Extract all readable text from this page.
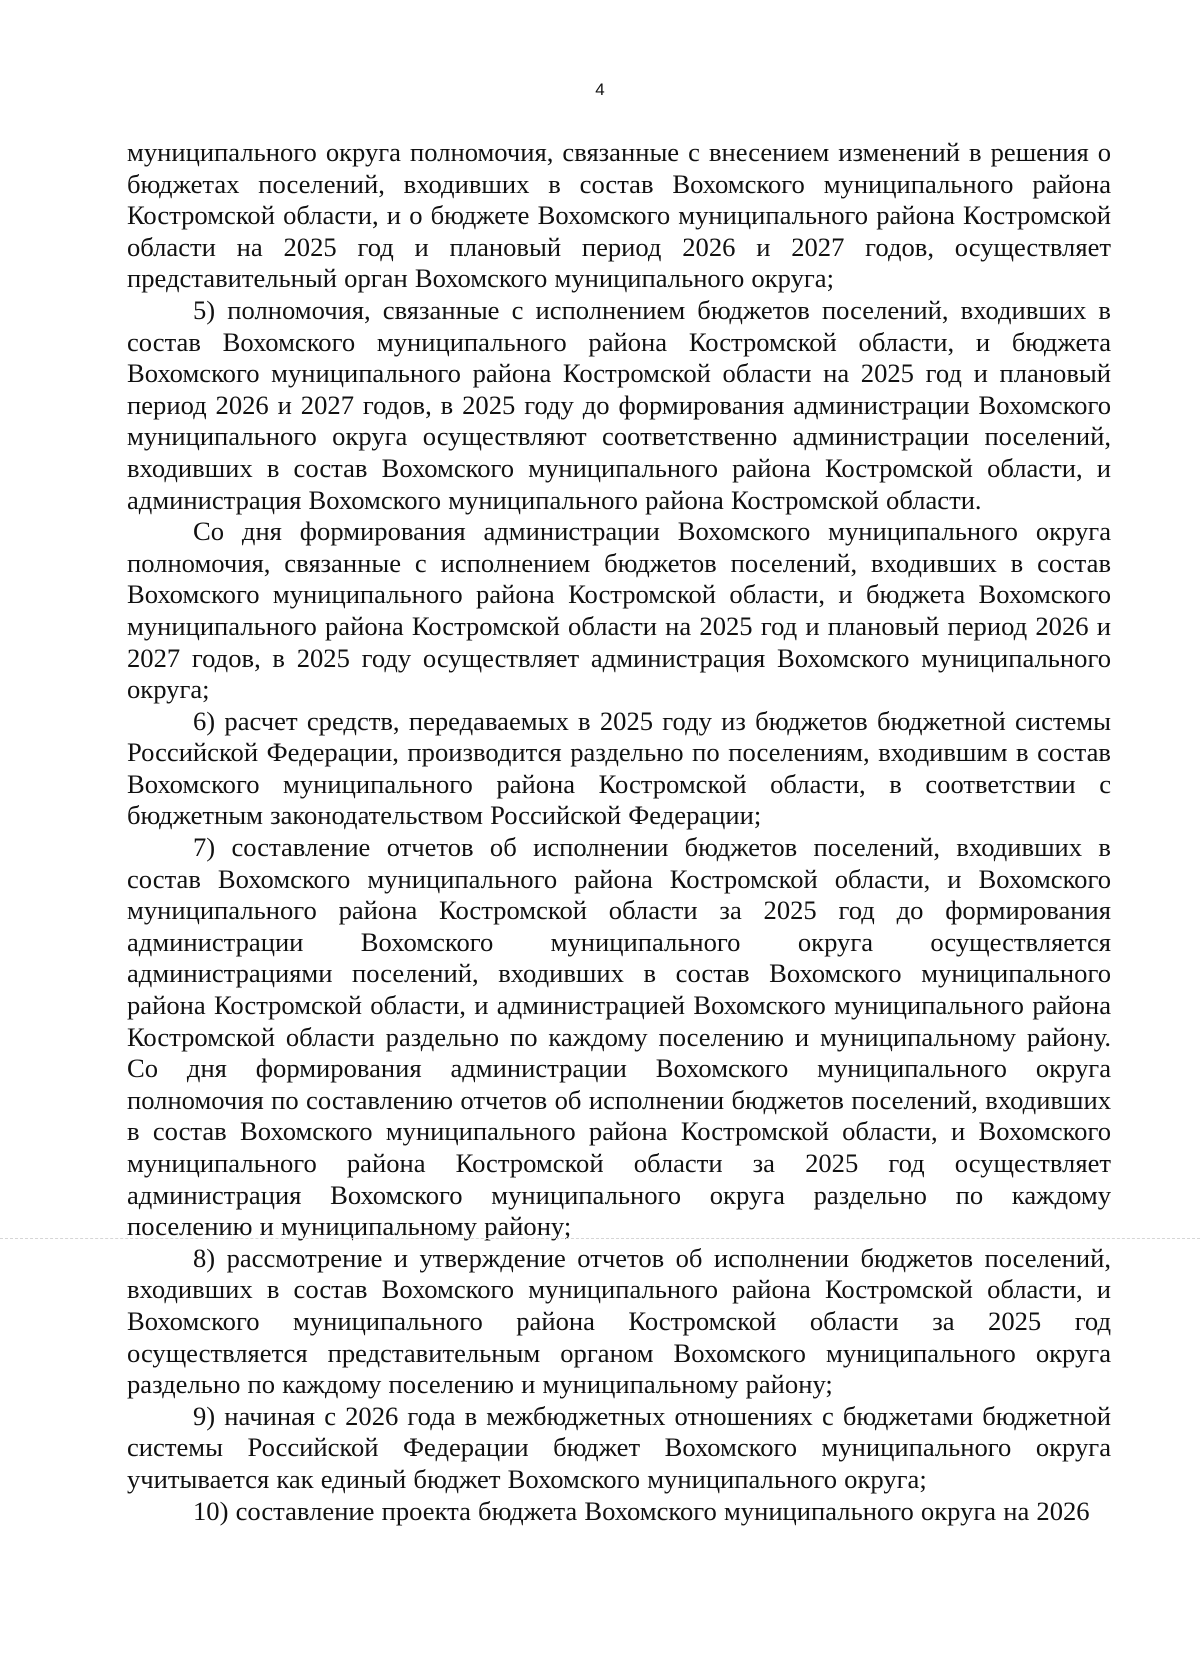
4

муниципального округа полномочия, связанные с внесением изменений в решения о бюджетах поселений, входивших в состав Вохомского муниципального района Костромской области, и о бюджете Вохомского муниципального района Костромской области на 2025 год и плановый период 2026 и 2027 годов, осуществляет представительный орган Вохомского муниципального округа;

5) полномочия, связанные с исполнением бюджетов поселений, входивших в состав Вохомского муниципального района Костромской области, и бюджета Вохомского муниципального района Костромской области на 2025 год и плановый период 2026 и 2027 годов, в 2025 году до формирования администрации Вохомского муниципального округа осуществляют соответственно администрации поселений, входивших в состав Вохомского муниципального района Костромской области, и администрация Вохомского муниципального района Костромской области.

Со дня формирования администрации Вохомского муниципального округа полномочия, связанные с исполнением бюджетов поселений, входивших в состав Вохомского муниципального района Костромской области, и бюджета Вохомского муниципального района Костромской области на 2025 год и плановый период 2026 и 2027 годов, в 2025 году осуществляет администрация Вохомского муниципального округа;

6) расчет средств, передаваемых в 2025 году из бюджетов бюджетной системы Российской Федерации, производится раздельно по поселениям, входившим в состав Вохомского муниципального района Костромской области, в соответствии с бюджетным законодательством Российской Федерации;

7) составление отчетов об исполнении бюджетов поселений, входивших в состав Вохомского муниципального района Костромской области, и Вохомского муниципального района Костромской области за 2025 год до формирования администрации Вохомского муниципального округа осуществляется администрациями поселений, входивших в состав Вохомского муниципального района Костромской области, и администрацией Вохомского муниципального района Костромской области раздельно по каждому поселению и муниципальному району. Со дня формирования администрации Вохомского муниципального округа полномочия по составлению отчетов об исполнении бюджетов поселений, входивших в состав Вохомского муниципального района Костромской области, и Вохомского муниципального района Костромской области за 2025 год осуществляет администрация Вохомского муниципального округа раздельно по каждому поселению и муниципальному району;

8) рассмотрение и утверждение отчетов об исполнении бюджетов поселений, входивших в состав Вохомского муниципального района Костромской области, и Вохомского муниципального района Костромской области за 2025 год осуществляется представительным органом Вохомского муниципального округа раздельно по каждому поселению и муниципальному району;

9) начиная с 2026 года в межбюджетных отношениях с бюджетами бюджетной системы Российской Федерации бюджет Вохомского муниципального округа учитывается как единый бюджет Вохомского муниципального округа;

10) составление проекта бюджета Вохомского муниципального округа на 2026
